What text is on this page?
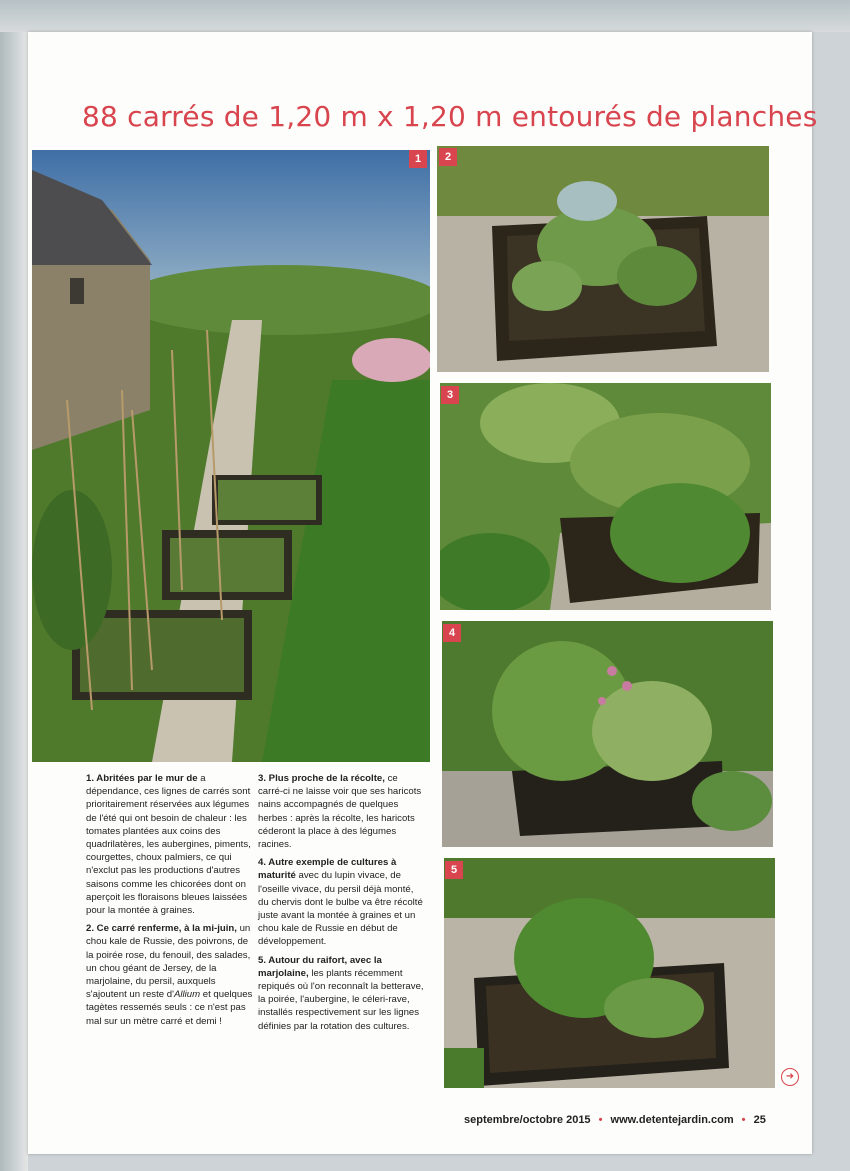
88 carrés de 1,20 m x 1,20 m entourés de planches
1	2
3
4
5

1. Abritées par le mur de a dépendance, ces lignes de carrés sont prioritairement réservées aux légumes de l'été qui ont besoin de chaleur : les tomates plantées aux coins des quadrilatères, les aubergines, piments, courgettes, choux palmiers, ce qui n'exclut pas les productions d'autres saisons comme les chicorées dont on aperçoit les floraisons bleues laissées pour la montée à graines.

2. Ce carré renferme, à la mi-juin, un chou kale de Russie, des poivrons, de la poirée rose, du fenouil, des salades, un chou géant de Jersey, de la marjolaine, du persil, auxquels s'ajoutent un reste d'Allium et quelques tagètes ressemés seuls : ce n'est pas mal sur un mètre carré et demi !

3. Plus proche de la récolte, ce carré-ci ne laisse voir que ses haricots nains accompagnés de quelques herbes : après la récolte, les haricots céderont la place à des légumes racines.

4. Autre exemple de cultures à maturité avec du lupin vivace, de l'oseille vivace, du persil déjà monté, du chervis dont le bulbe va être récolté juste avant la montée à graines et un chou kale de Russie en début de développement.

5. Autour du raifort, avec la marjolaine, les plants récemment repiqués où l'on reconnaît la betterave, la poirée, l'aubergine, le céleri-rave, installés respectivement sur les lignes définies par la rotation des cultures.

➜
septembre/octobre 2015 • www.detentejardin.com • 25
